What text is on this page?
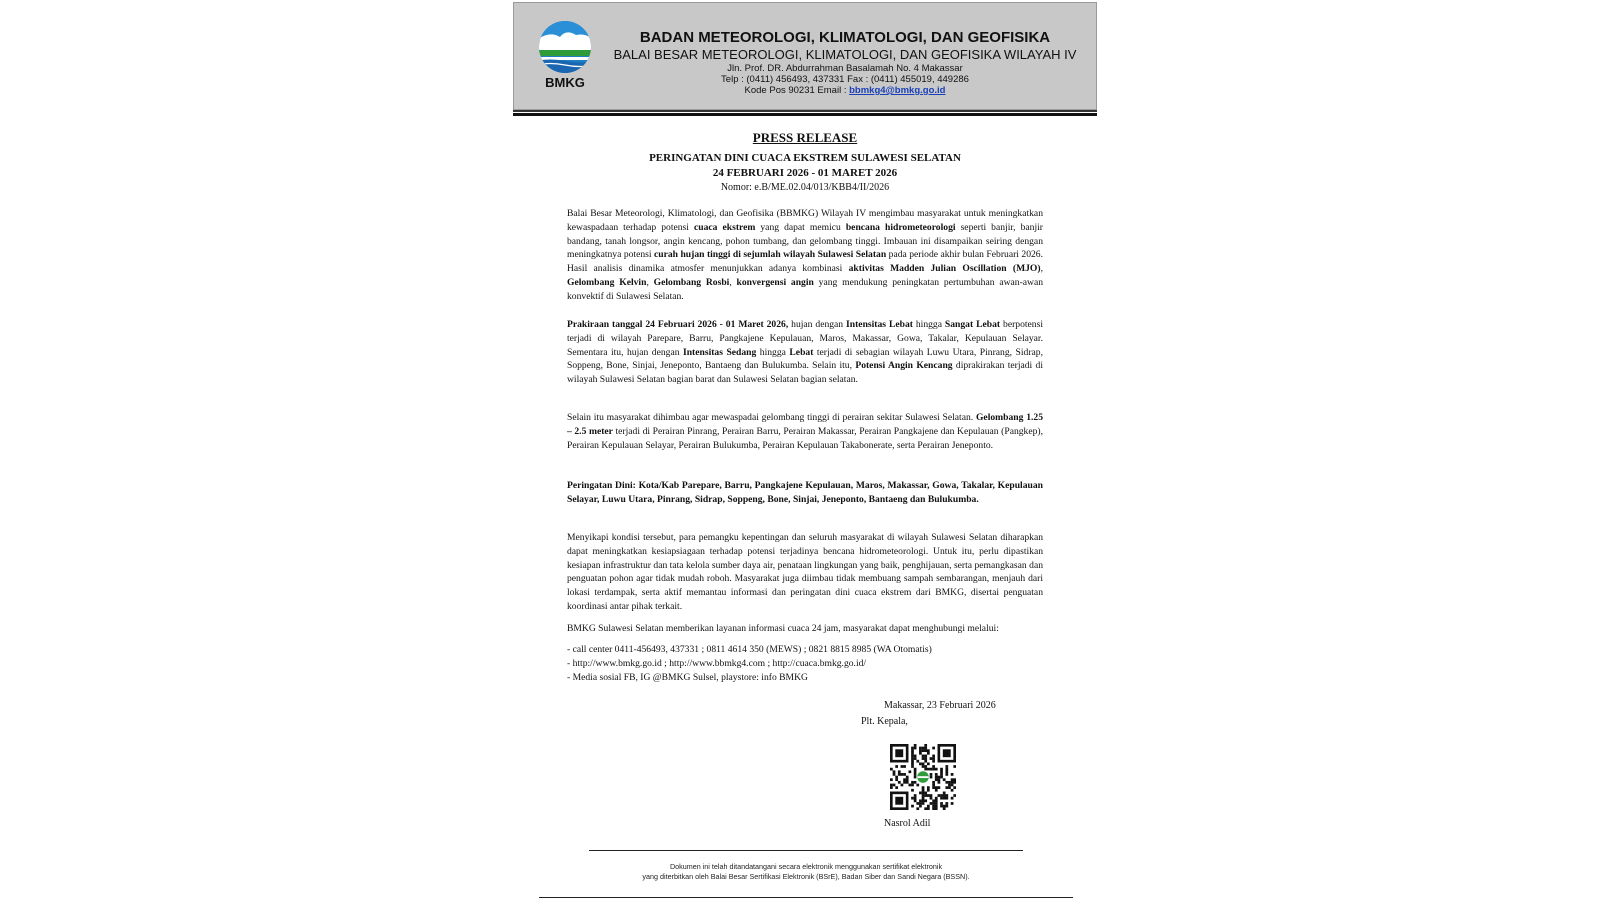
BMKG
BADAN METEOROLOGI, KLIMATOLOGI, DAN GEOFISIKA
BALAI BESAR METEOROLOGI, KLIMATOLOGI, DAN GEOFISIKA WILAYAH IV
Jln. Prof. DR. Abdurrahman Basalamah No. 4 Makassar
Telp : (0411) 456493, 437331 Fax : (0411) 455019, 449286
Kode Pos 90231 Email : bbmkg4@bmkg.go.id
PRESS RELEASE
PERINGATAN DINI CUACA EKSTREM SULAWESI SELATAN
24 FEBRUARI 2026 - 01 MARET 2026
Nomor: e.B/ME.02.04/013/KBB4/II/2026
Balai Besar Meteorologi, Klimatologi, dan Geofisika (BBMKG) Wilayah IV mengimbau masyarakat untuk meningkatkan kewaspadaan terhadap potensi cuaca ekstrem yang dapat memicu bencana hidrometeorologi seperti banjir, banjir bandang, tanah longsor, angin kencang, pohon tumbang, dan gelombang tinggi. Imbauan ini disampaikan seiring dengan meningkatnya potensi curah hujan tinggi di sejumlah wilayah Sulawesi Selatan pada periode akhir bulan Februari 2026. Hasil analisis dinamika atmosfer menunjukkan adanya kombinasi aktivitas Madden Julian Oscillation (MJO), Gelombang Kelvin, Gelombang Rosbi, konvergensi angin yang mendukung peningkatan pertumbuhan awan-awan konvektif di Sulawesi Selatan.
Prakiraan tanggal 24 Februari 2026 - 01 Maret 2026, hujan dengan Intensitas Lebat hingga Sangat Lebat berpotensi terjadi di wilayah Parepare, Barru, Pangkajene Kepulauan, Maros, Makassar, Gowa, Takalar, Kepulauan Selayar. Sementara itu, hujan dengan Intensitas Sedang hingga Lebat terjadi di sebagian wilayah Luwu Utara, Pinrang, Sidrap, Soppeng, Bone, Sinjai, Jeneponto, Bantaeng dan Bulukumba. Selain itu, Potensi Angin Kencang diprakirakan terjadi di wilayah Sulawesi Selatan bagian barat dan Sulawesi Selatan bagian selatan.
Selain itu masyarakat dihimbau agar mewaspadai gelombang tinggi di perairan sekitar Sulawesi Selatan. Gelombang 1.25 – 2.5 meter terjadi di Perairan Pinrang, Perairan Barru, Perairan Makassar, Perairan Pangkajene dan Kepulauan (Pangkep), Perairan Kepulauan Selayar, Perairan Bulukumba, Perairan Kepulauan Takabonerate, serta Perairan Jeneponto.
Peringatan Dini: Kota/Kab Parepare, Barru, Pangkajene Kepulauan, Maros, Makassar, Gowa, Takalar, Kepulauan Selayar, Luwu Utara, Pinrang, Sidrap, Soppeng, Bone, Sinjai, Jeneponto, Bantaeng dan Bulukumba.
Menyikapi kondisi tersebut, para pemangku kepentingan dan seluruh masyarakat di wilayah Sulawesi Selatan diharapkan dapat meningkatkan kesiapsiagaan terhadap potensi terjadinya bencana hidrometeorologi. Untuk itu, perlu dipastikan kesiapan infrastruktur dan tata kelola sumber daya air, penataan lingkungan yang baik, penghijauan, serta pemangkasan dan penguatan pohon agar tidak mudah roboh. Masyarakat juga diimbau tidak membuang sampah sembarangan, menjauh dari lokasi terdampak, serta aktif memantau informasi dan peringatan dini cuaca ekstrem dari BMKG, disertai penguatan koordinasi antar pihak terkait.
BMKG Sulawesi Selatan memberikan layanan informasi cuaca 24 jam, masyarakat dapat menghubungi melalui:
- call center 0411-456493, 437331 ; 0811 4614 350 (MEWS) ; 0821 8815 8985 (WA Otomatis)
- http://www.bmkg.go.id ; http://www.bbmkg4.com ; http://cuaca.bmkg.go.id/
- Media sosial FB, IG @BMKG Sulsel, playstore: info BMKG
Makassar, 23 Februari 2026
Plt. Kepala,
Nasrol Adil
Dokumen ini telah ditandatangani secara elektronik menggunakan sertifikat elektronik
yang diterbitkan oleh Balai Besar Sertifikasi Elektronik (BSrE), Badan Siber dan Sandi Negara (BSSN).
